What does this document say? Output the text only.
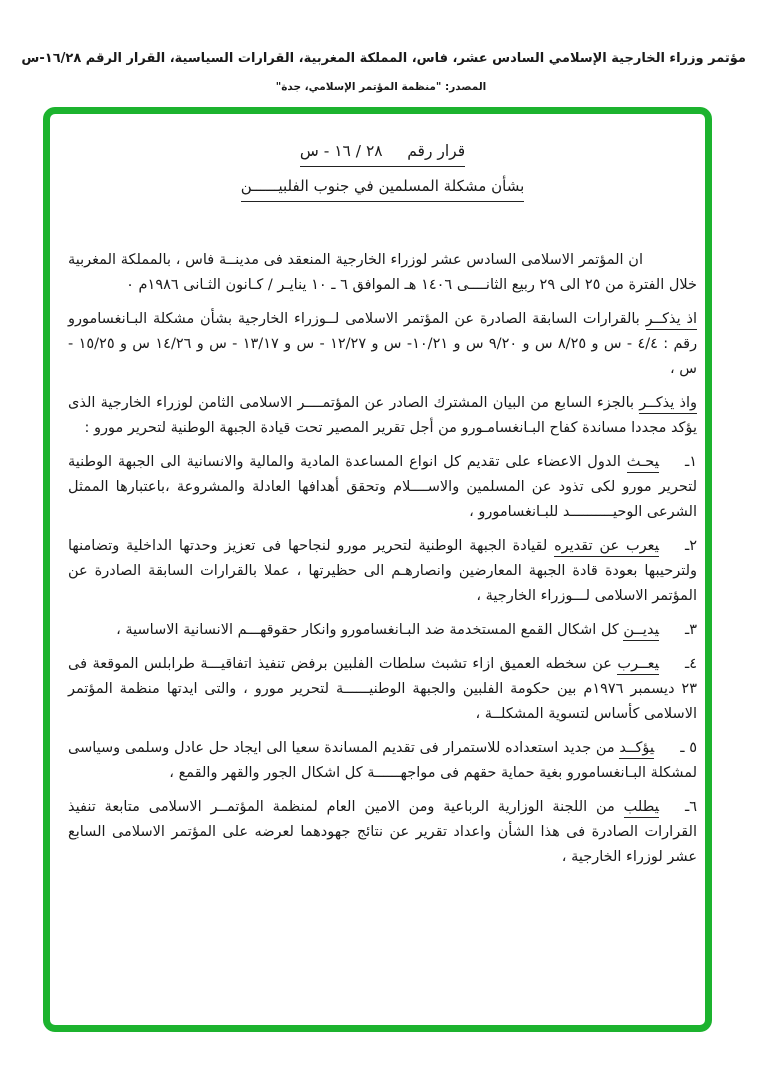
مؤتمر وزراء الخارجية الإسلامي السادس عشر، فاس، المملكة المغربية، القرارات السياسية، القرار الرقم ٢٨‏/‏١٦-س
المصدر: "منظمة المؤتمر الإسلامي، جدة"
قرار رقم     ٢٨ / ١٦ - س
بشأن مشكلة المسلمين في جنوب الفلبيــــــن

ان المؤتمر الاسلامى السادس عشر لوزراء الخارجية المنعقد فى مدينــة فاس ، بالمملكة المغربية خلال الفترة من ٢٥ الى ٢٩ ربيع الثانــــى ١٤٠٦ هـ الموافق ٦ ـ ١٠ ينايـر / كـانون الثـانى ١٩٨٦م ٠

اذ يذكــر بالقرارات السابقة الصادرة عن المؤتمر الاسلامى لــوزراء الخارجية بشأن مشكلة البـانغسامورو رقم : ٤/٤ - س و ٢٥‏/‏٨ س و ٢٠‏/‏٩ س و ٢١‏/‏١٠- س و ٢٧‏/‏١٢ - س و ١٧‏/‏١٣ - س و ٢٦‏/‏١٤ س و ٢٥‏/‏١٥ - س ،

واذ يذكــر بالجزء السابع من البيان المشترك الصادر عن المؤتمــــر الاسلامى الثامن لوزراء الخارجية الذى يؤكد مجددا مساندة كفاح البـانغسامـورو من أجل تقرير المصير تحت قيادة الجبهة الوطنية لتحرير مورو :

١ـيحـث الدول الاعضاء على تقديم كل انواع المساعدة المادية والمالية والانسانية الى الجبهة الوطنية لتحرير مورو لكى تذود عن المسلمين والاســــلام وتحقق أهدافها العادلة والمشروعة ،باعتبارها الممثل الشرعى الوحيــــــــــد للبـانغسامورو ،

٢ـيعرب عن تقديره لقيادة الجبهة الوطنية لتحرير مورو لنجاحها فى تعزيز وحدتها الداخلية وتضامنها ولترحيبها بعودة قادة الجبهة المعارضين وانصارهـم الى حظيرتها ، عملا بالقرارات السابقة الصادرة عن المؤتمر الاسلامى لـــوزراء الخارجية ،

٣ـيديــن كل اشكال القمع المستخدمة ضد البـانغسامورو وانكار حقوقهـــم الانسانية الاساسية ،

٤ـيعــرب عن سخطه العميق ازاء تشبث سلطات الفلبين برفض تنفيذ اتفاقيـــة طرابلس الموقعة فى ٢٣ ديسمبر ١٩٧٦م بين حكومة الفلبين والجبهة الوطنيــــــة لتحرير مورو ، والتى ايدتها منظمة المؤتمر الاسلامى كأساس لتسوية المشكلــة ،

٥ ـيؤكــد من جديد استعداده للاستمرار فى تقديم المساندة سعيا الى ايجاد حل عادل وسلمى وسياسى لمشكلة البـانغسامورو بغية حماية حقهم فى مواجهــــــة كل اشكال الجور والقهر والقمع ،

٦ـيطلب من اللجنة الوزارية الرباعية ومن الامين العام لمنظمة المؤتمــر الاسلامى متابعة تنفيذ القرارات الصادرة فى هذا الشأن واعداد تقرير عن نتائج جهودهما لعرضه على المؤتمر الاسلامى السابع عشر لوزراء الخارجية ،
